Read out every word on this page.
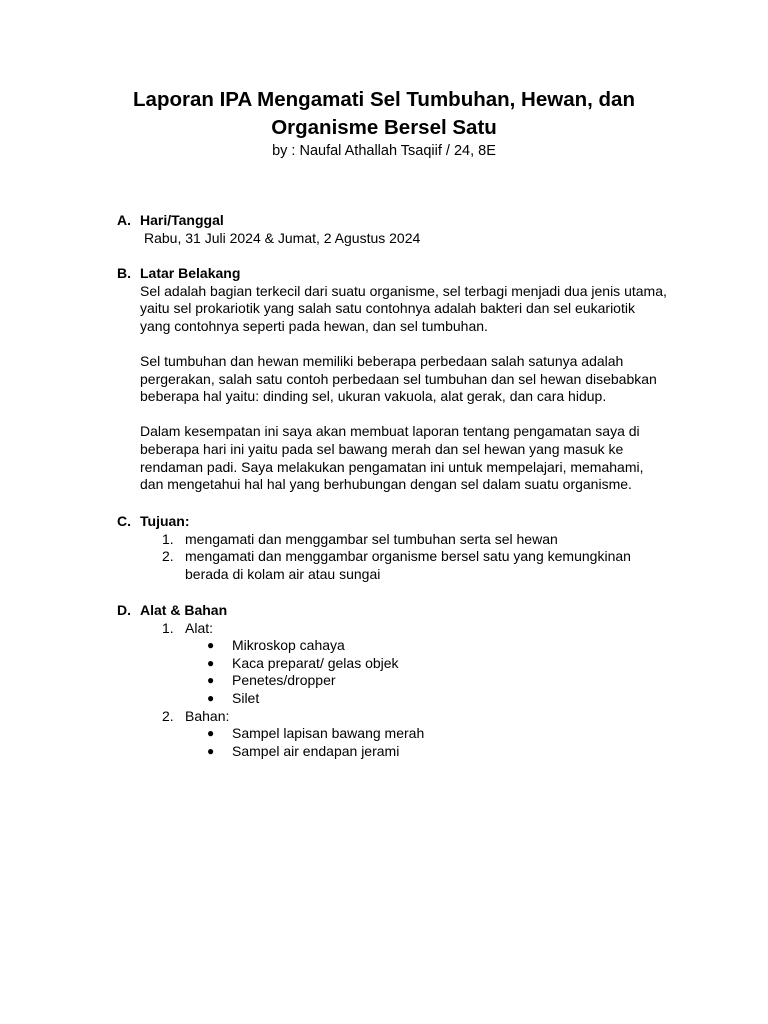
Laporan IPA Mengamati Sel Tumbuhan, Hewan, dan
Organisme Bersel Satu
by : Naufal Athallah Tsaqiif / 24, 8E
A. Hari/Tanggal
Rabu, 31 Juli 2024 & Jumat, 2 Agustus 2024
B. Latar Belakang

Sel adalah bagian terkecil dari suatu organisme, sel terbagi menjadi dua jenis utama,
yaitu sel prokariotik yang salah satu contohnya adalah bakteri dan sel eukariotik
yang contohnya seperti pada hewan, dan sel tumbuhan.

Sel tumbuhan dan hewan memiliki beberapa perbedaan salah satunya adalah
pergerakan, salah satu contoh perbedaan sel tumbuhan dan sel hewan disebabkan
beberapa hal yaitu: dinding sel, ukuran vakuola, alat gerak, dan cara hidup.

Dalam kesempatan ini saya akan membuat laporan tentang pengamatan saya di
beberapa hari ini yaitu pada sel bawang merah dan sel hewan yang masuk ke
rendaman padi. Saya melakukan pengamatan ini untuk mempelajari, memahami,
dan mengetahui hal hal yang berhubungan dengan sel dalam suatu organisme.

C. Tujuan:
1. mengamati dan menggambar sel tumbuhan serta sel hewan
2. mengamati dan menggambar organisme bersel satu yang kemungkinan
berada di kolam air atau sungai
D. Alat & Bahan
1. Alat:
●	Mikroskop cahaya
●	Kaca preparat/ gelas objek
●	Penetes/dropper
●	Silet
2. Bahan:
●	Sampel lapisan bawang merah
●	Sampel air endapan jerami
